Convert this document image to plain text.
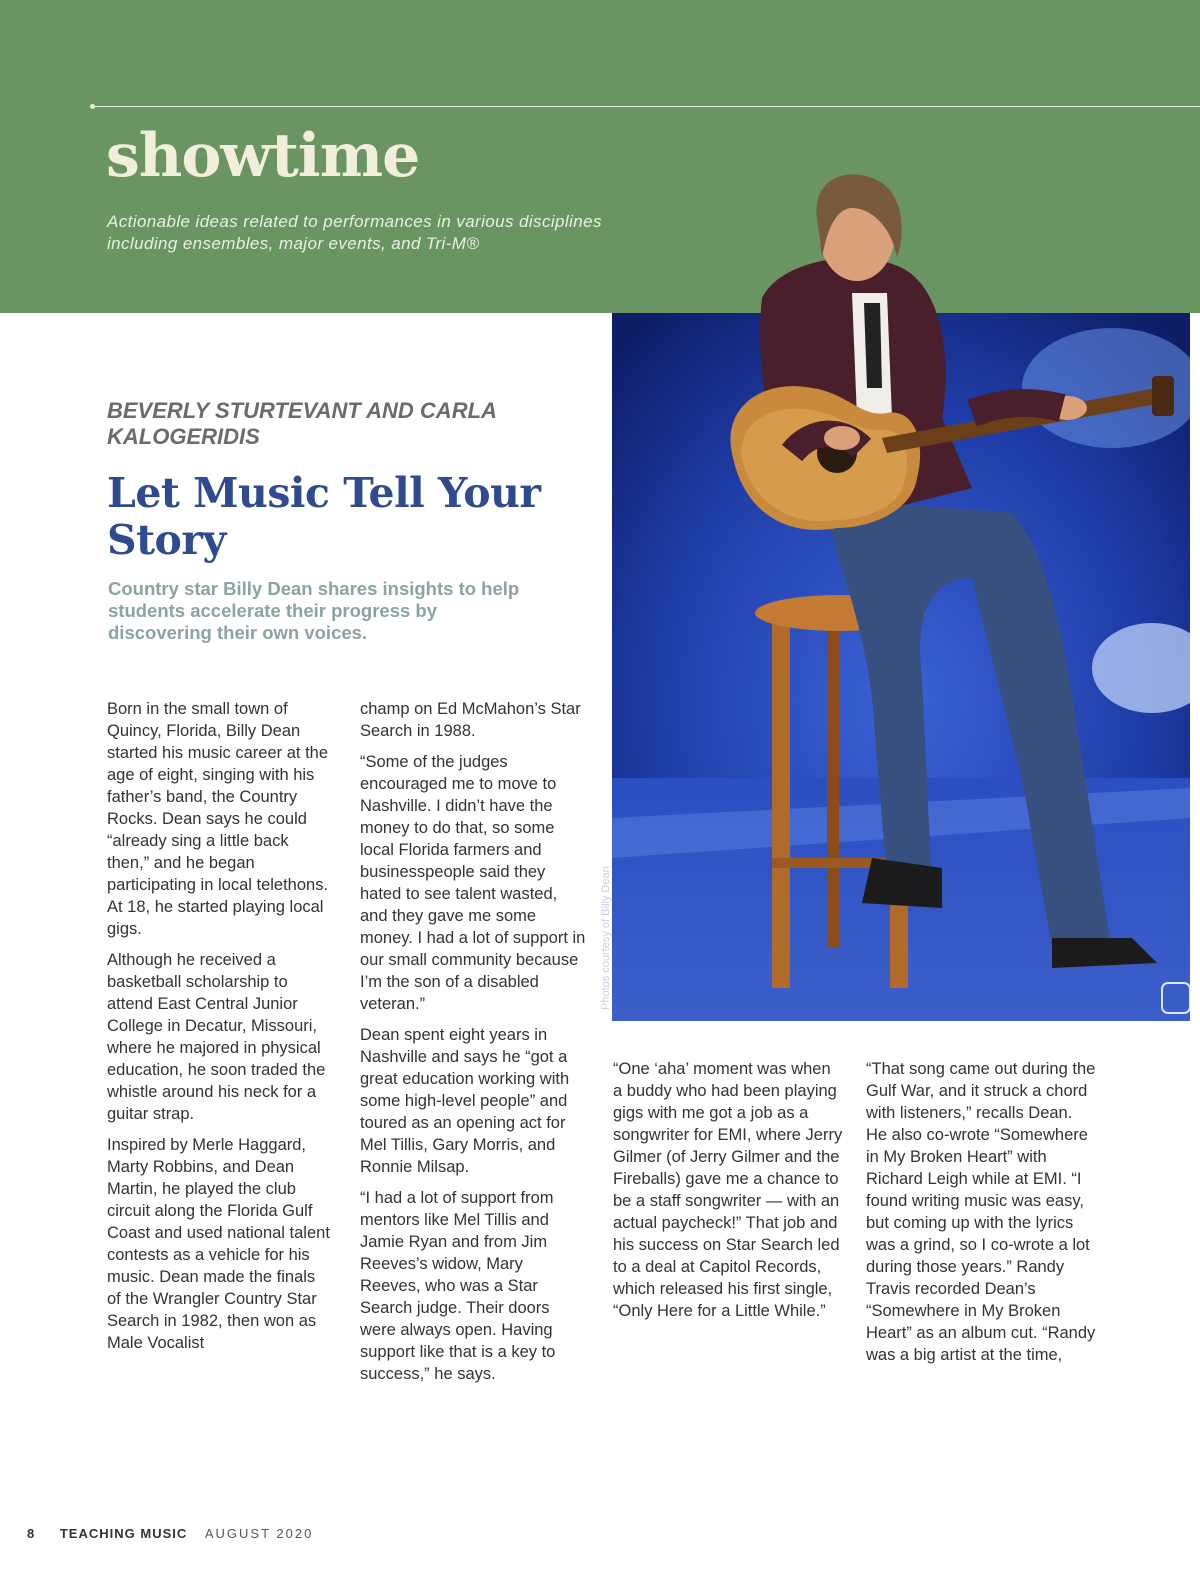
showtime
Actionable ideas related to performances in various disciplines including ensembles, major events, and Tri-M®
Photos courtesy of Billy Dean
BEVERLY STURTEVANT AND CARLA KALOGERIDIS
Let Music Tell Your Story
Country star Billy Dean shares insights to help students accelerate their progress by discovering their own voices.

Born in the small town of Quincy, Florida, Billy Dean started his music career at the age of eight, singing with his father’s band, the Country Rocks. Dean says he could “already sing a little back then,” and he began participating in local telethons. At 18, he started playing local gigs.

Although he received a basketball scholarship to attend East Central Junior College in Decatur, Missouri, where he majored in physical education, he soon traded the whistle around his neck for a guitar strap.

Inspired by Merle Haggard, Marty Robbins, and Dean Martin, he played the club circuit along the Florida Gulf Coast and used national talent contests as a vehicle for his music. Dean made the finals of the Wrangler Country Star Search in 1982, then won as Male Vocalist

champ on Ed McMahon’s Star Search in 1988.

“Some of the judges encouraged me to move to Nashville. I didn’t have the money to do that, so some local Florida farmers and businesspeople said they hated to see talent wasted, and they gave me some money. I had a lot of support in our small community because I’m the son of a disabled veteran.”

Dean spent eight years in Nashville and says he “got a great education working with some high-level people” and toured as an opening act for Mel Tillis, Gary Morris, and Ronnie Milsap.

“I had a lot of support from mentors like Mel Tillis and Jamie Ryan and from Jim Reeves’s widow, Mary Reeves, who was a Star Search judge. Their doors were always open. Having support like that is a key to success,” he says.

“One ‘aha’ moment was when a buddy who had been playing gigs with me got a job as a songwriter for EMI, where Jerry Gilmer (of Jerry Gilmer and the Fireballs) gave me a chance to be a staff songwriter — with an actual paycheck!” That job and his success on Star Search led to a deal at Capitol Records, which released his first single, “Only Here for a Little While.”

“That song came out during the Gulf War, and it struck a chord with listeners,” recalls Dean. He also co-wrote “Somewhere in My Broken Heart” with Richard Leigh while at EMI. “I found writing music was easy, but coming up with the lyrics was a grind, so I co-wrote a lot during those years.” Randy Travis recorded Dean’s “Somewhere in My Broken Heart” as an album cut. “Randy was a big artist at the time,

8 TEACHING MUSIC AUGUST 2020
